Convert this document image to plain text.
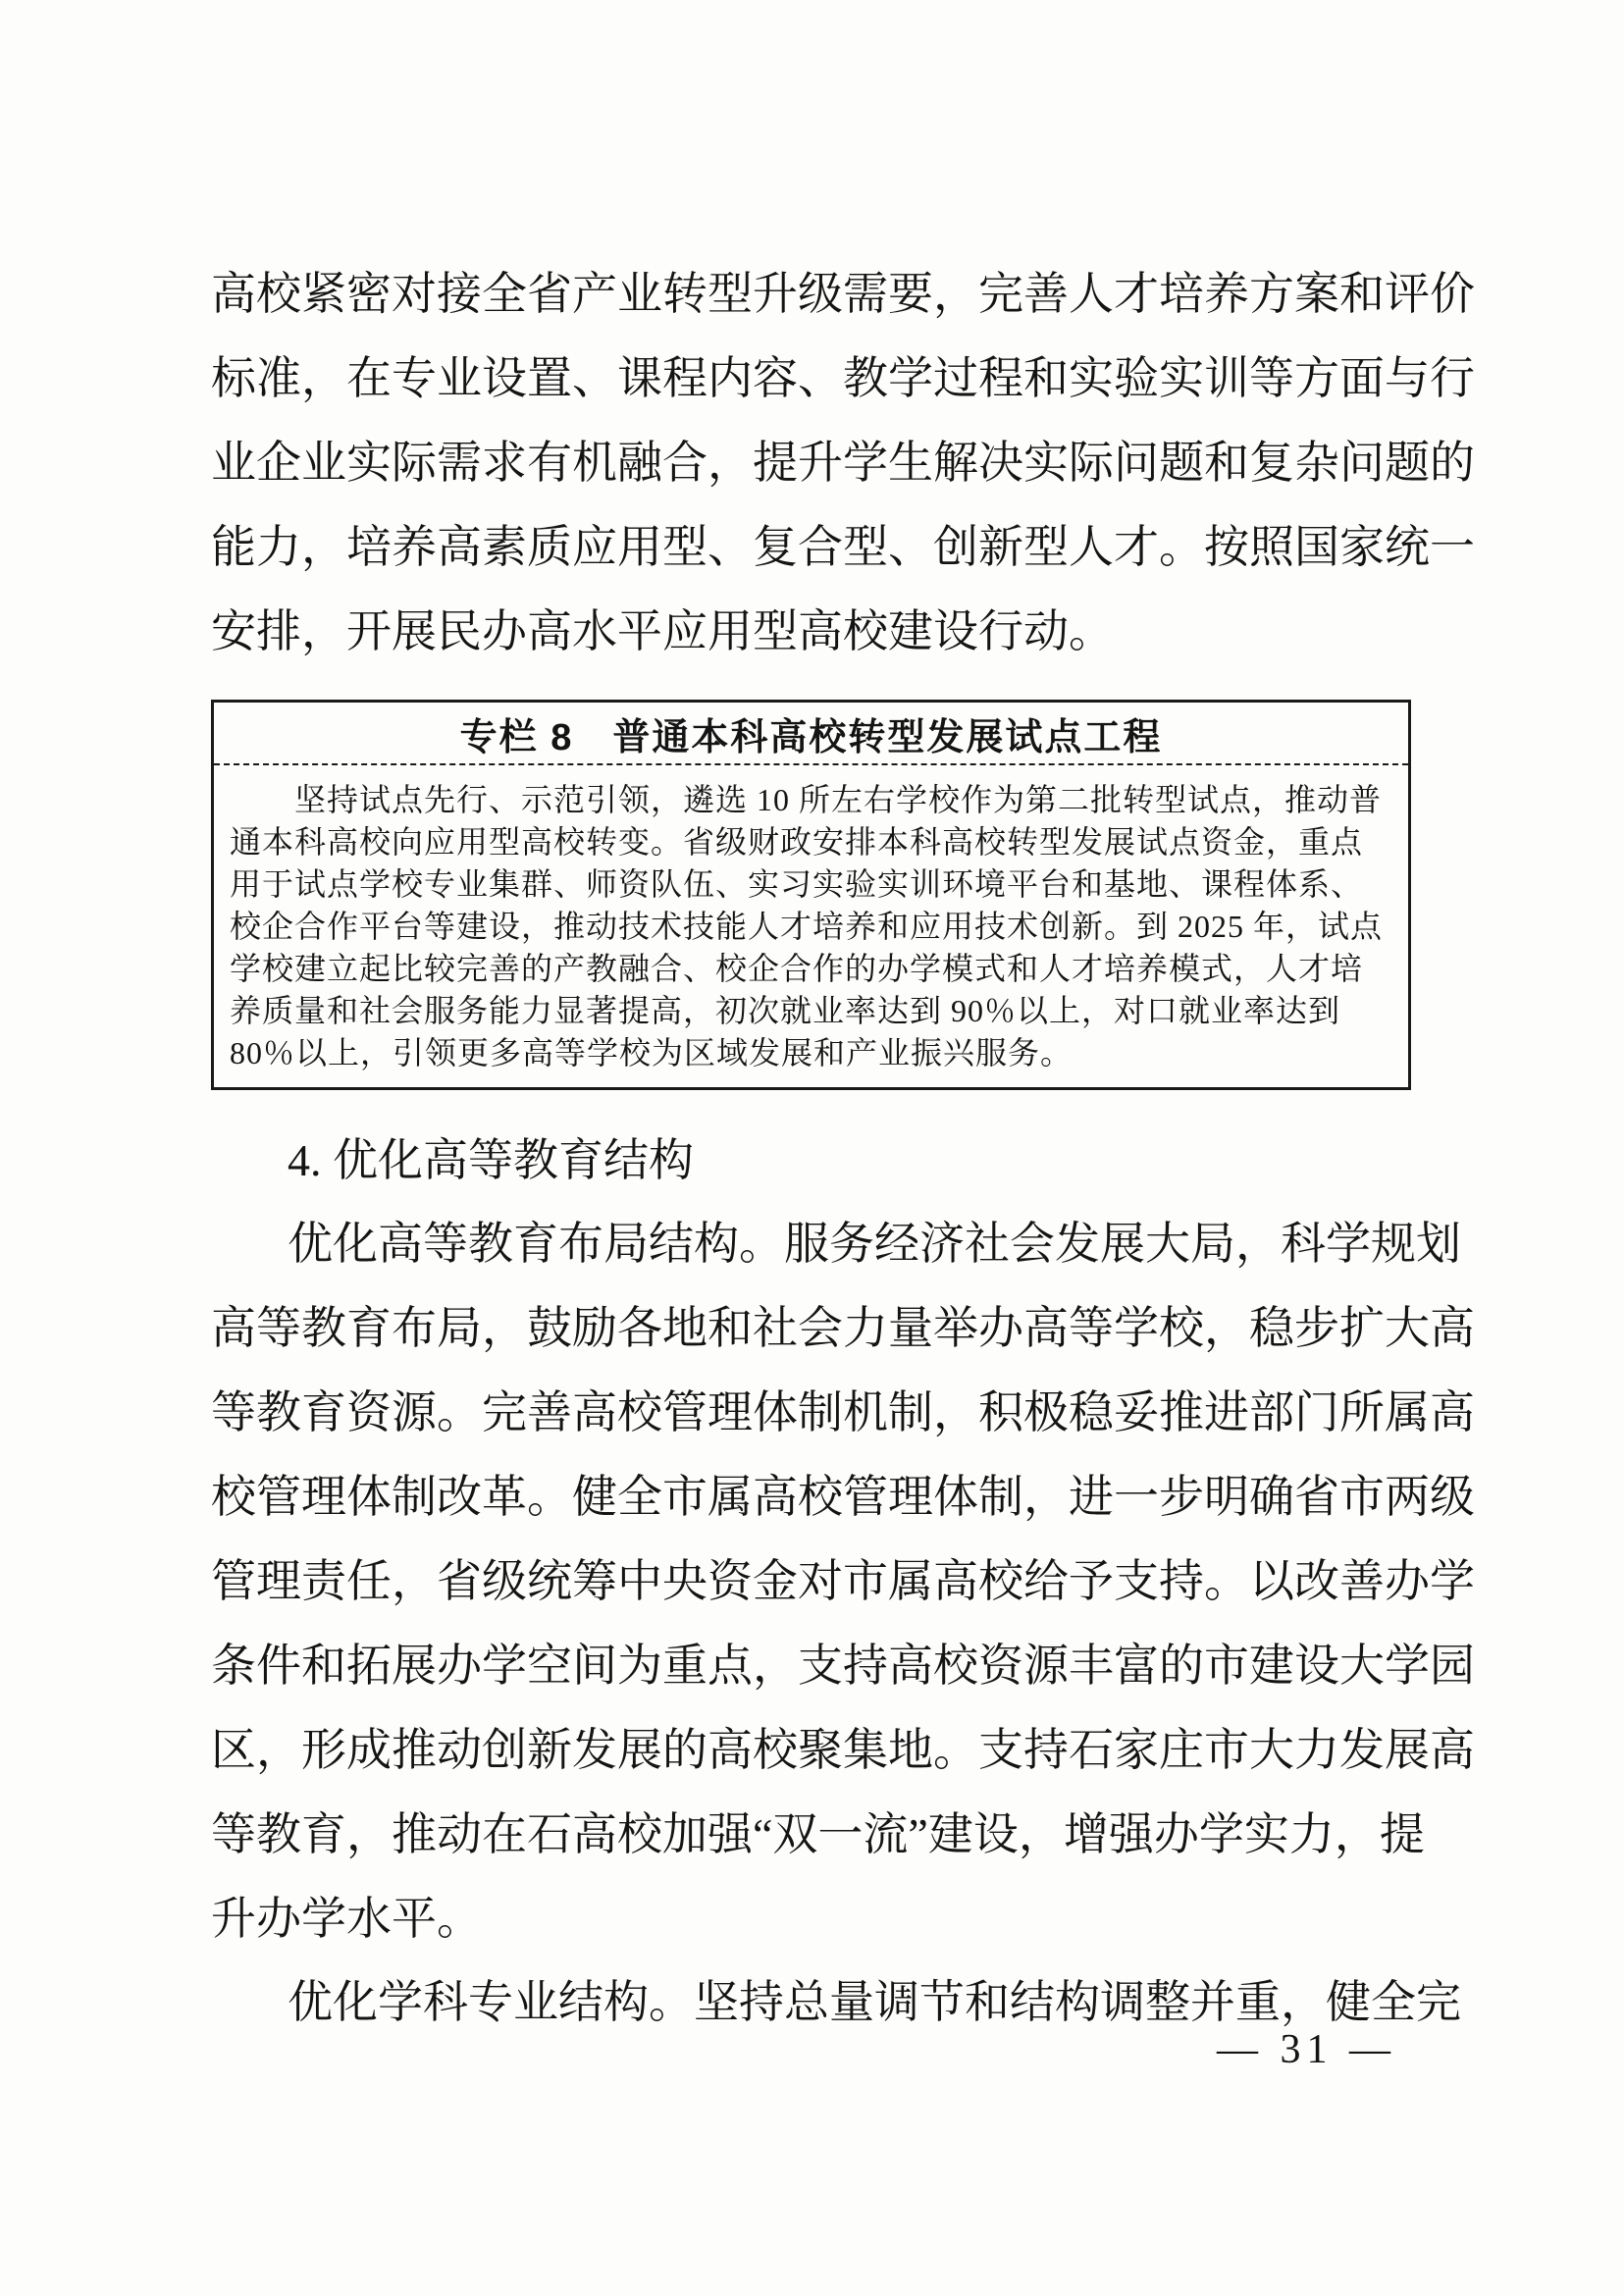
高校紧密对接全省产业转型升级需要，完善人才培养方案和评价
标准，在专业设置、课程内容、教学过程和实验实训等方面与行
业企业实际需求有机融合，提升学生解决实际问题和复杂问题的
能力，培养高素质应用型、复合型、创新型人才。按照国家统一
安排，开展民办高水平应用型高校建设行动。
专栏 8　普通本科高校转型发展试点工程
坚持试点先行、示范引领，遴选 10 所左右学校作为第二批转型试点，推动普
通本科高校向应用型高校转变。省级财政安排本科高校转型发展试点资金，重点
用于试点学校专业集群、师资队伍、实习实验实训环境平台和基地、课程体系、
校企合作平台等建设，推动技术技能人才培养和应用技术创新。到 2025 年，试点
学校建立起比较完善的产教融合、校企合作的办学模式和人才培养模式，人才培
养质量和社会服务能力显著提高，初次就业率达到 90％以上，对口就业率达到
80％以上，引领更多高等学校为区域发展和产业振兴服务。
4. 优化高等教育结构
优化高等教育布局结构。服务经济社会发展大局，科学规划
高等教育布局，鼓励各地和社会力量举办高等学校，稳步扩大高
等教育资源。完善高校管理体制机制，积极稳妥推进部门所属高
校管理体制改革。健全市属高校管理体制，进一步明确省市两级
管理责任，省级统筹中央资金对市属高校给予支持。以改善办学
条件和拓展办学空间为重点，支持高校资源丰富的市建设大学园
区，形成推动创新发展的高校聚集地。支持石家庄市大力发展高
等教育，推动在石高校加强“双一流”建设，增强办学实力，提
升办学水平。
优化学科专业结构。坚持总量调节和结构调整并重，健全完
— 31 —
